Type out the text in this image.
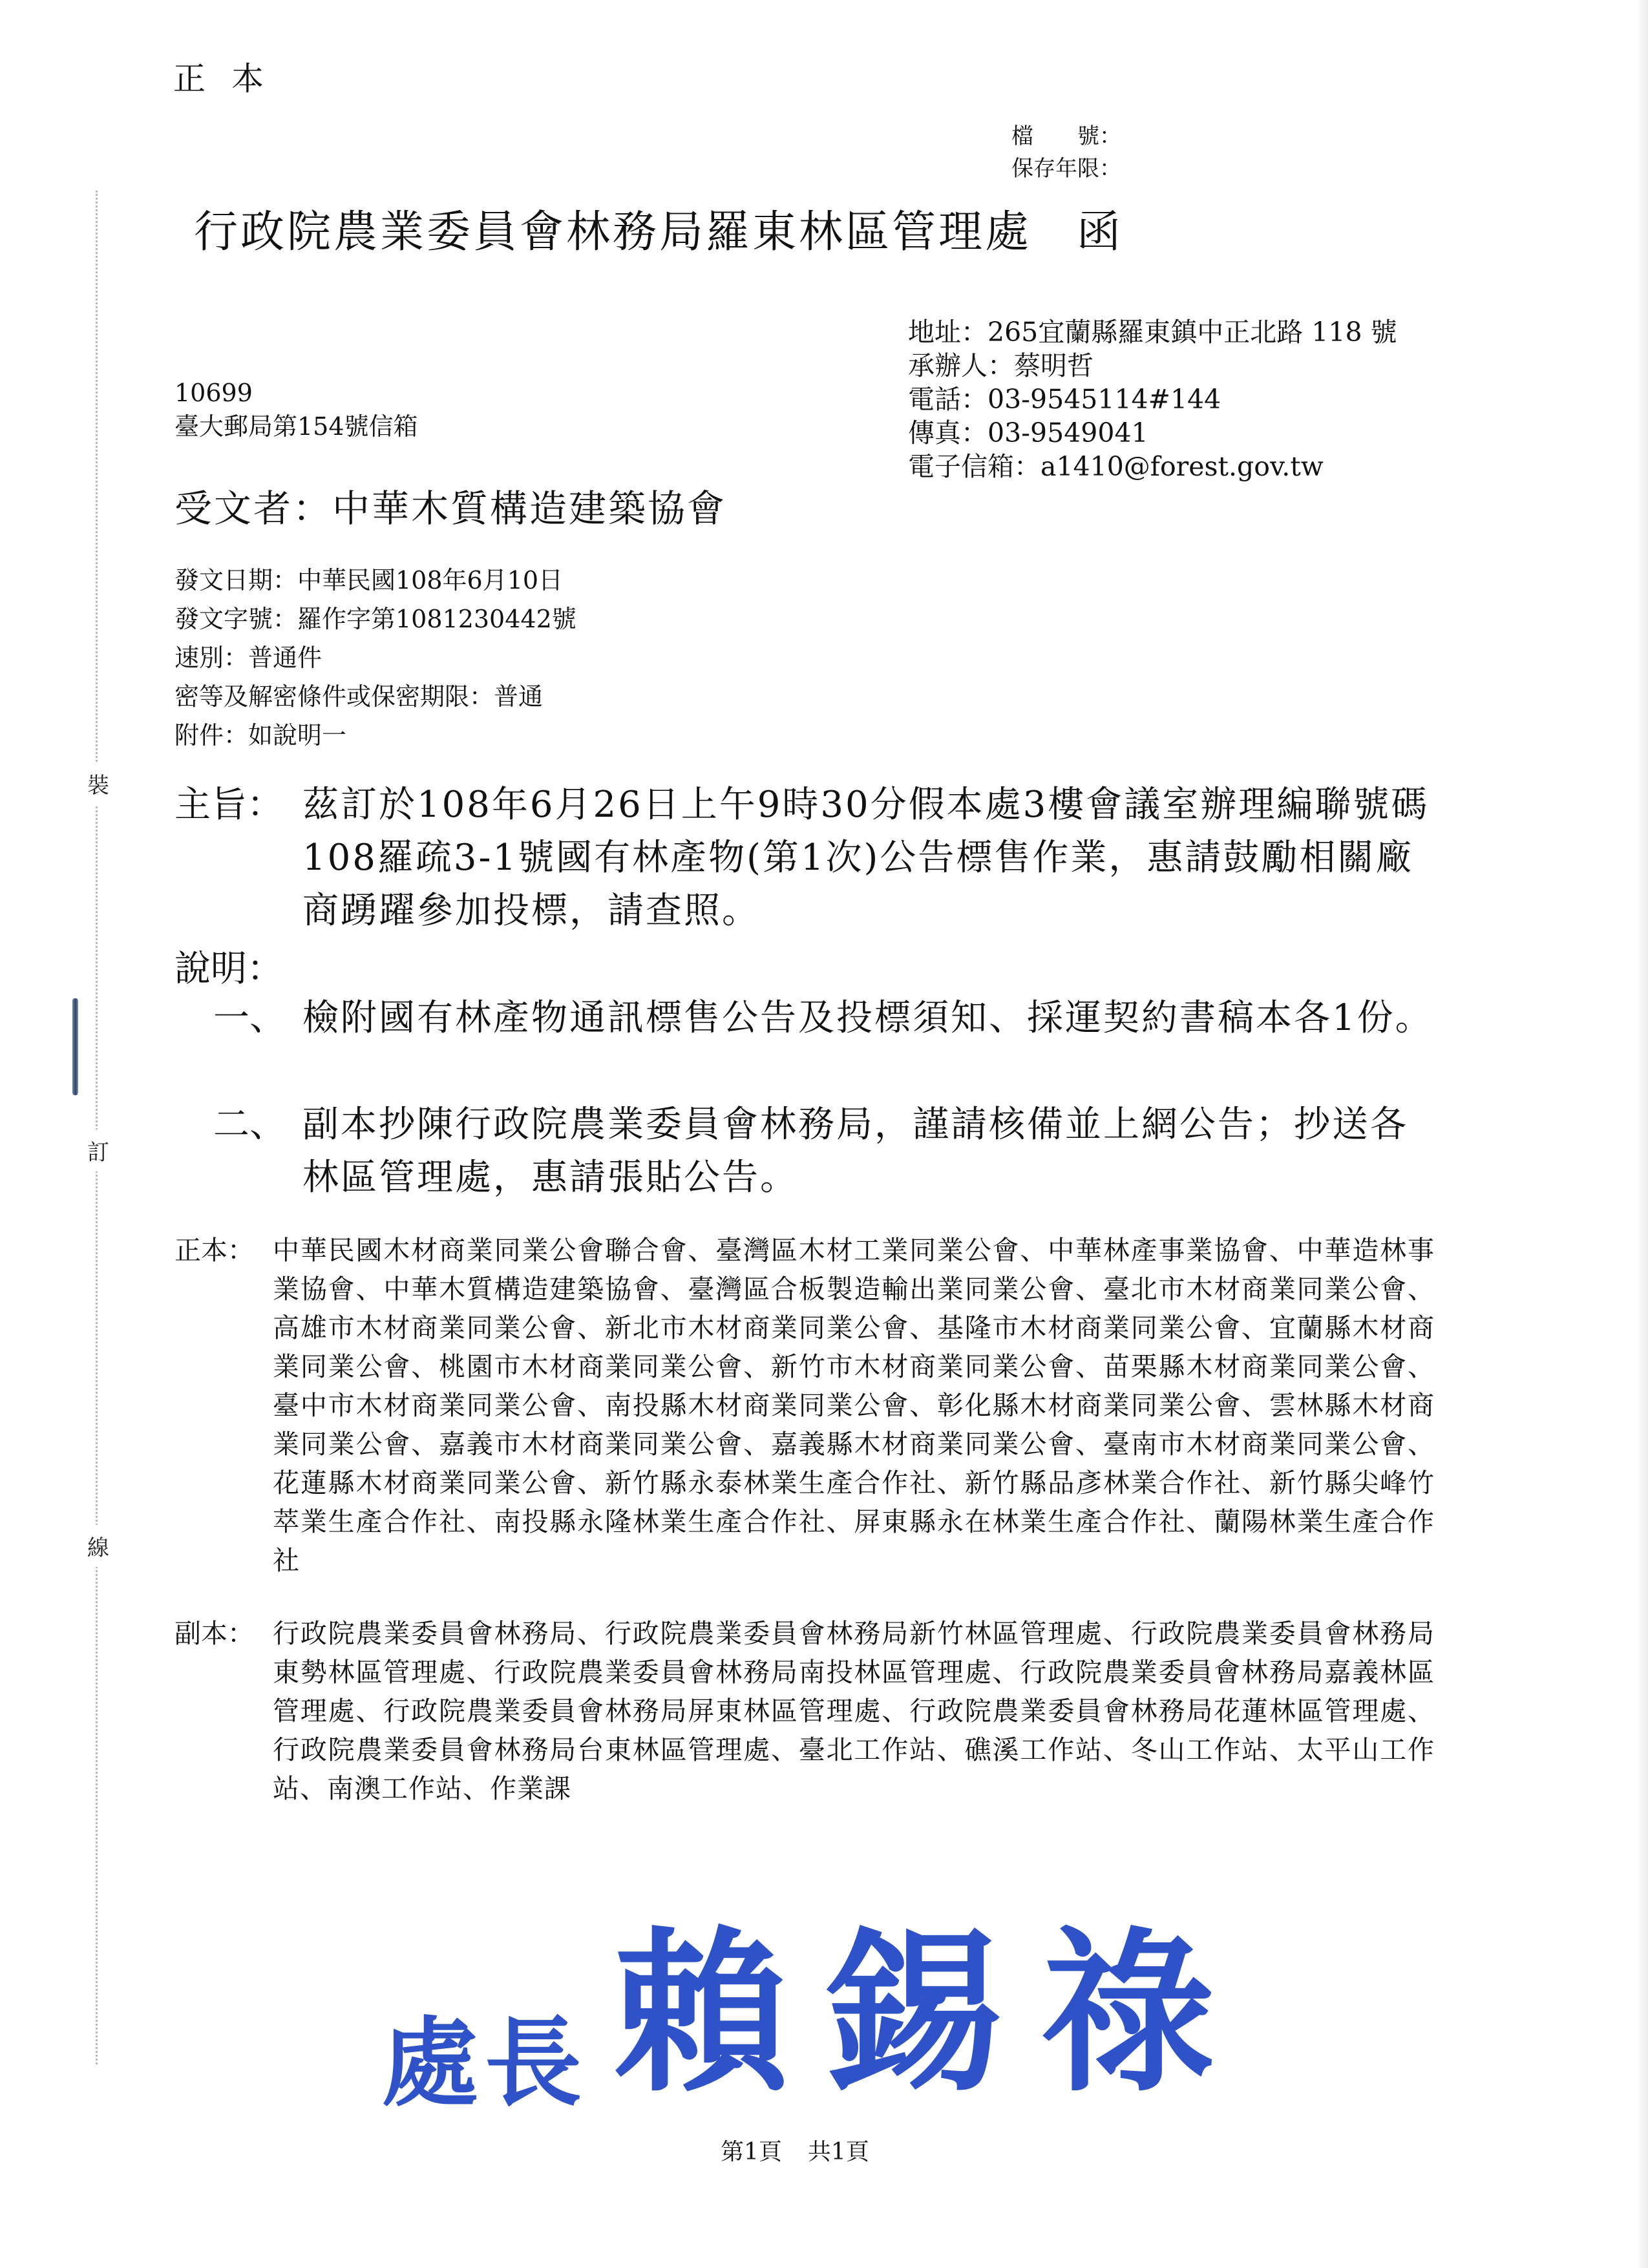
裝
訂
線
正本
檔　　號：
保存年限：
行政院農業委員會林務局羅東林區管理處 函
地址：265宜蘭縣羅東鎮中正北路 118 號
承辦人：蔡明哲
電話：03-9545114#144
傳真：03-9549041
電子信箱：a1410@forest.gov.tw
10699
臺大郵局第154號信箱
受文者：中華木質構造建築協會
發文日期：中華民國108年6月10日
發文字號：羅作字第1081230442號
速別：普通件
密等及解密條件或保密期限：普通
附件：如說明一
主旨： 茲訂於108年6月26日上午9時30分假本處3樓會議室辦理編聯號碼108羅疏3-1號國有林產物(第1次)公告標售作業，惠請鼓勵相關廠商踴躍參加投標，請查照。
說明：
一、 檢附國有林產物通訊標售公告及投標須知、採運契約書稿本各1份。
二、 副本抄陳行政院農業委員會林務局，謹請核備並上網公告；抄送各林區管理處，惠請張貼公告。
正本： 中華民國木材商業同業公會聯合會、臺灣區木材工業同業公會、中華林產事業協會、中華造林事業協會、中華木質構造建築協會、臺灣區合板製造輸出業同業公會、臺北市木材商業同業公會、高雄市木材商業同業公會、新北市木材商業同業公會、基隆市木材商業同業公會、宜蘭縣木材商業同業公會、桃園市木材商業同業公會、新竹市木材商業同業公會、苗栗縣木材商業同業公會、臺中市木材商業同業公會、南投縣木材商業同業公會、彰化縣木材商業同業公會、雲林縣木材商業同業公會、嘉義市木材商業同業公會、嘉義縣木材商業同業公會、臺南市木材商業同業公會、花蓮縣木材商業同業公會、新竹縣永泰林業生產合作社、新竹縣品彥林業合作社、新竹縣尖峰竹萃業生產合作社、南投縣永隆林業生產合作社、屏東縣永在林業生產合作社、蘭陽林業生產合作社
副本： 行政院農業委員會林務局、行政院農業委員會林務局新竹林區管理處、行政院農業委員會林務局東勢林區管理處、行政院農業委員會林務局南投林區管理處、行政院農業委員會林務局嘉義林區管理處、行政院農業委員會林務局屏東林區管理處、行政院農業委員會林務局花蓮林區管理處、行政院農業委員會林務局台東林區管理處、臺北工作站、礁溪工作站、冬山工作站、太平山工作站、南澳工作站、作業課
處長 賴錫祿
第1頁 共1頁
